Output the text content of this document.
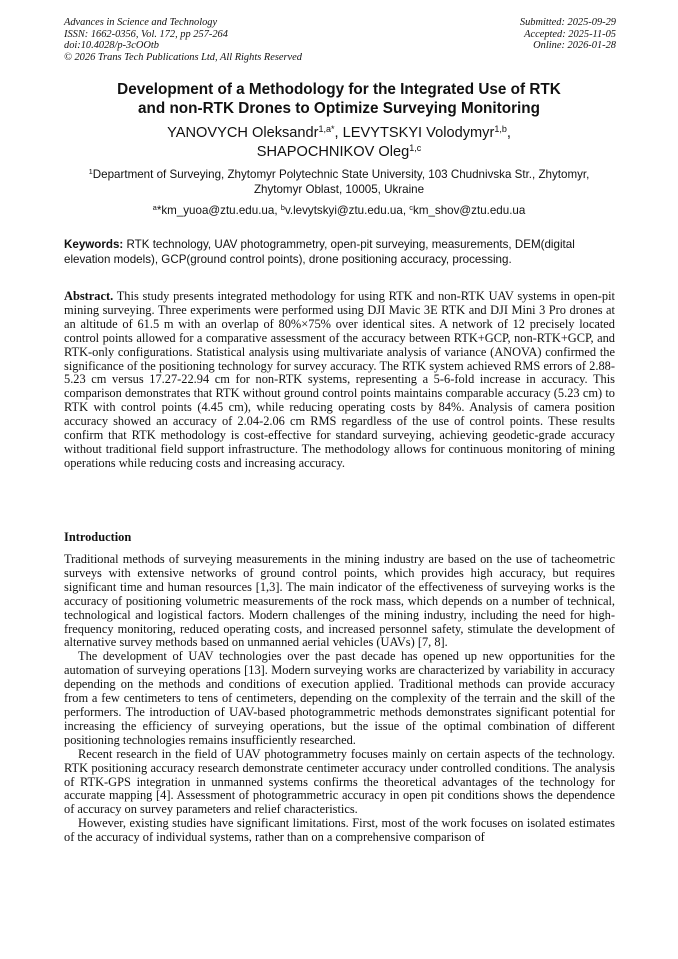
Advances in Science and Technology
ISSN: 1662-0356, Vol. 172, pp 257-264
doi:10.4028/p-3cOOtb
© 2026 Trans Tech Publications Ltd, All Rights Reserved
Submitted: 2025-09-29
Accepted: 2025-11-05
Online: 2026-01-28
Development of a Methodology for the Integrated Use of RTK
and non-RTK Drones to Optimize Surveying Monitoring
YANOVYCH Oleksandr$^{1,a*}$, LEVYTSKYI Volodymyr$^{1,b}$,
SHAPOCHNIKOV Oleg$^{1,c}$
$^1$Department of Surveying, Zhytomyr Polytechnic State University, 103 Chudnivska Str., Zhytomyr, Zhytomyr Oblast, 10005, Ukraine
$^a$*km_yuoa@ztu.edu.ua, $^b$v.levytskyi@ztu.edu.ua, $^c$km_shov@ztu.edu.ua
Keywords: RTK technology, UAV photogrammetry, open-pit surveying, measurements, DEM(digital elevation models), GCP(ground control points), drone positioning accuracy, processing.
Abstract. This study presents integrated methodology for using RTK and non-RTK UAV systems in open-pit mining surveying. Three experiments were performed using DJI Mavic 3E RTK and DJI Mini 3 Pro drones at an altitude of 61.5 m with an overlap of 80%×75% over identical sites. A network of 12 precisely located control points allowed for a comparative assessment of the accuracy between RTK+GCP, non-RTK+GCP, and RTK-only configurations. Statistical analysis using multivariate analysis of variance (ANOVA) confirmed the significance of the positioning technology for survey accuracy. The RTK system achieved RMS errors of 2.88-5.23 cm versus 17.27-22.94 cm for non-RTK systems, representing a 5-6-fold increase in accuracy. This comparison demonstrates that RTK without ground control points maintains comparable accuracy (5.23 cm) to RTK with control points (4.45 cm), while reducing operating costs by 84%. Analysis of camera position accuracy showed an accuracy of 2.04-2.06 cm RMS regardless of the use of control points. These results confirm that RTK methodology is cost-effective for standard surveying, achieving geodetic-grade accuracy without traditional field support infrastructure. The methodology allows for continuous monitoring of mining operations while reducing costs and increasing accuracy.
Introduction

Traditional methods of surveying measurements in the mining industry are based on the use of tacheometric surveys with extensive networks of ground control points, which provides high accuracy, but requires significant time and human resources [1,3]. The main indicator of the effectiveness of surveying works is the accuracy of positioning volumetric measurements of the rock mass, which depends on a number of technical, technological and logistical factors. Modern challenges of the mining industry, including the need for high-frequency monitoring, reduced operating costs, and increased personnel safety, stimulate the development of alternative survey methods based on unmanned aerial vehicles (UAVs) [7, 8].

The development of UAV technologies over the past decade has opened up new opportunities for the automation of surveying operations [13]. Modern surveying works are characterized by variability in accuracy depending on the methods and conditions of execution applied. Traditional methods can provide accuracy from a few centimeters to tens of centimeters, depending on the complexity of the terrain and the skill of the performers. The introduction of UAV-based photogrammetric methods demonstrates significant potential for increasing the efficiency of surveying operations, but the issue of the optimal combination of different positioning technologies remains insufficiently researched.

Recent research in the field of UAV photogrammetry focuses mainly on certain aspects of the technology. RTK positioning accuracy research demonstrate centimeter accuracy under controlled conditions. The analysis of RTK-GPS integration in unmanned systems confirms the theoretical advantages of the technology for accurate mapping [4]. Assessment of photogrammetric accuracy in open pit conditions shows the dependence of accuracy on survey parameters and relief characteristics.

However, existing studies have significant limitations. First, most of the work focuses on isolated estimates of the accuracy of individual systems, rather than on a comprehensive comparison of
